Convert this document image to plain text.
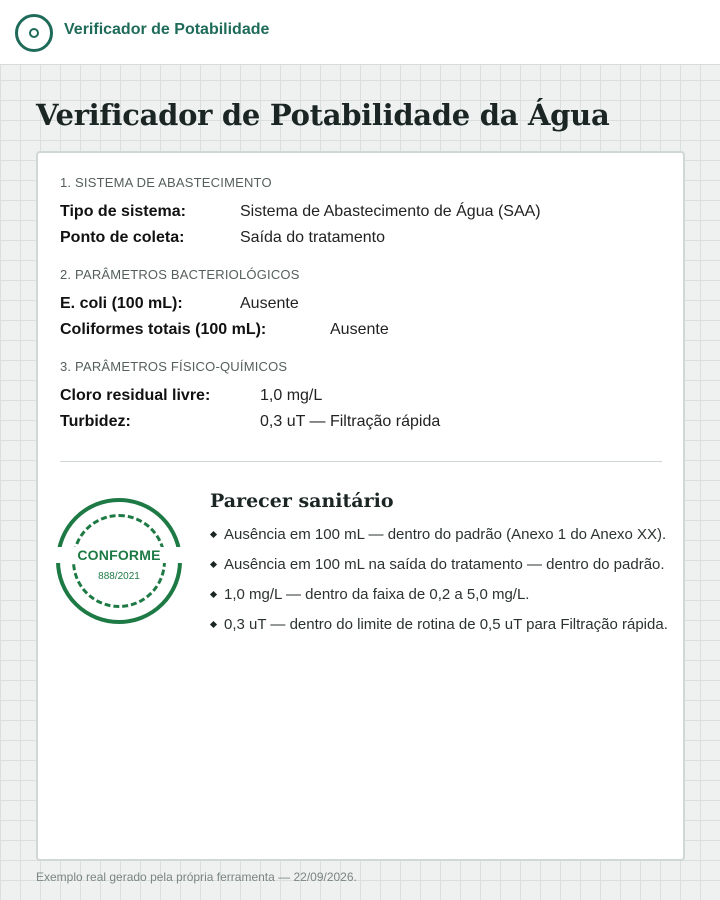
Verificador de Potabilidade
Verificador de Potabilidade da Água
1. SISTEMA DE ABASTECIMENTO
Tipo de sistema:	Sistema de Abastecimento de Água (SAA)
Ponto de coleta:	Saída do tratamento
2. PARÂMETROS BACTERIOLÓGICOS
E. coli (100 mL):	Ausente
Coliformes totais (100 mL):	Ausente
3. PARÂMETROS FÍSICO-QUÍMICOS
Cloro residual livre:	1,0 mg/L
Turbidez:	0,3 uT — Filtração rápida
CONFORME
888/2021
Parecer sanitário
Ausência em 100 mL — dentro do padrão (Anexo 1 do Anexo XX).
Ausência em 100 mL na saída do tratamento — dentro do padrão.
1,0 mg/L — dentro da faixa de 0,2 a 5,0 mg/L.
0,3 uT — dentro do limite de rotina de 0,5 uT para Filtração rápida.
Exemplo real gerado pela própria ferramenta — 22/09/2026.
